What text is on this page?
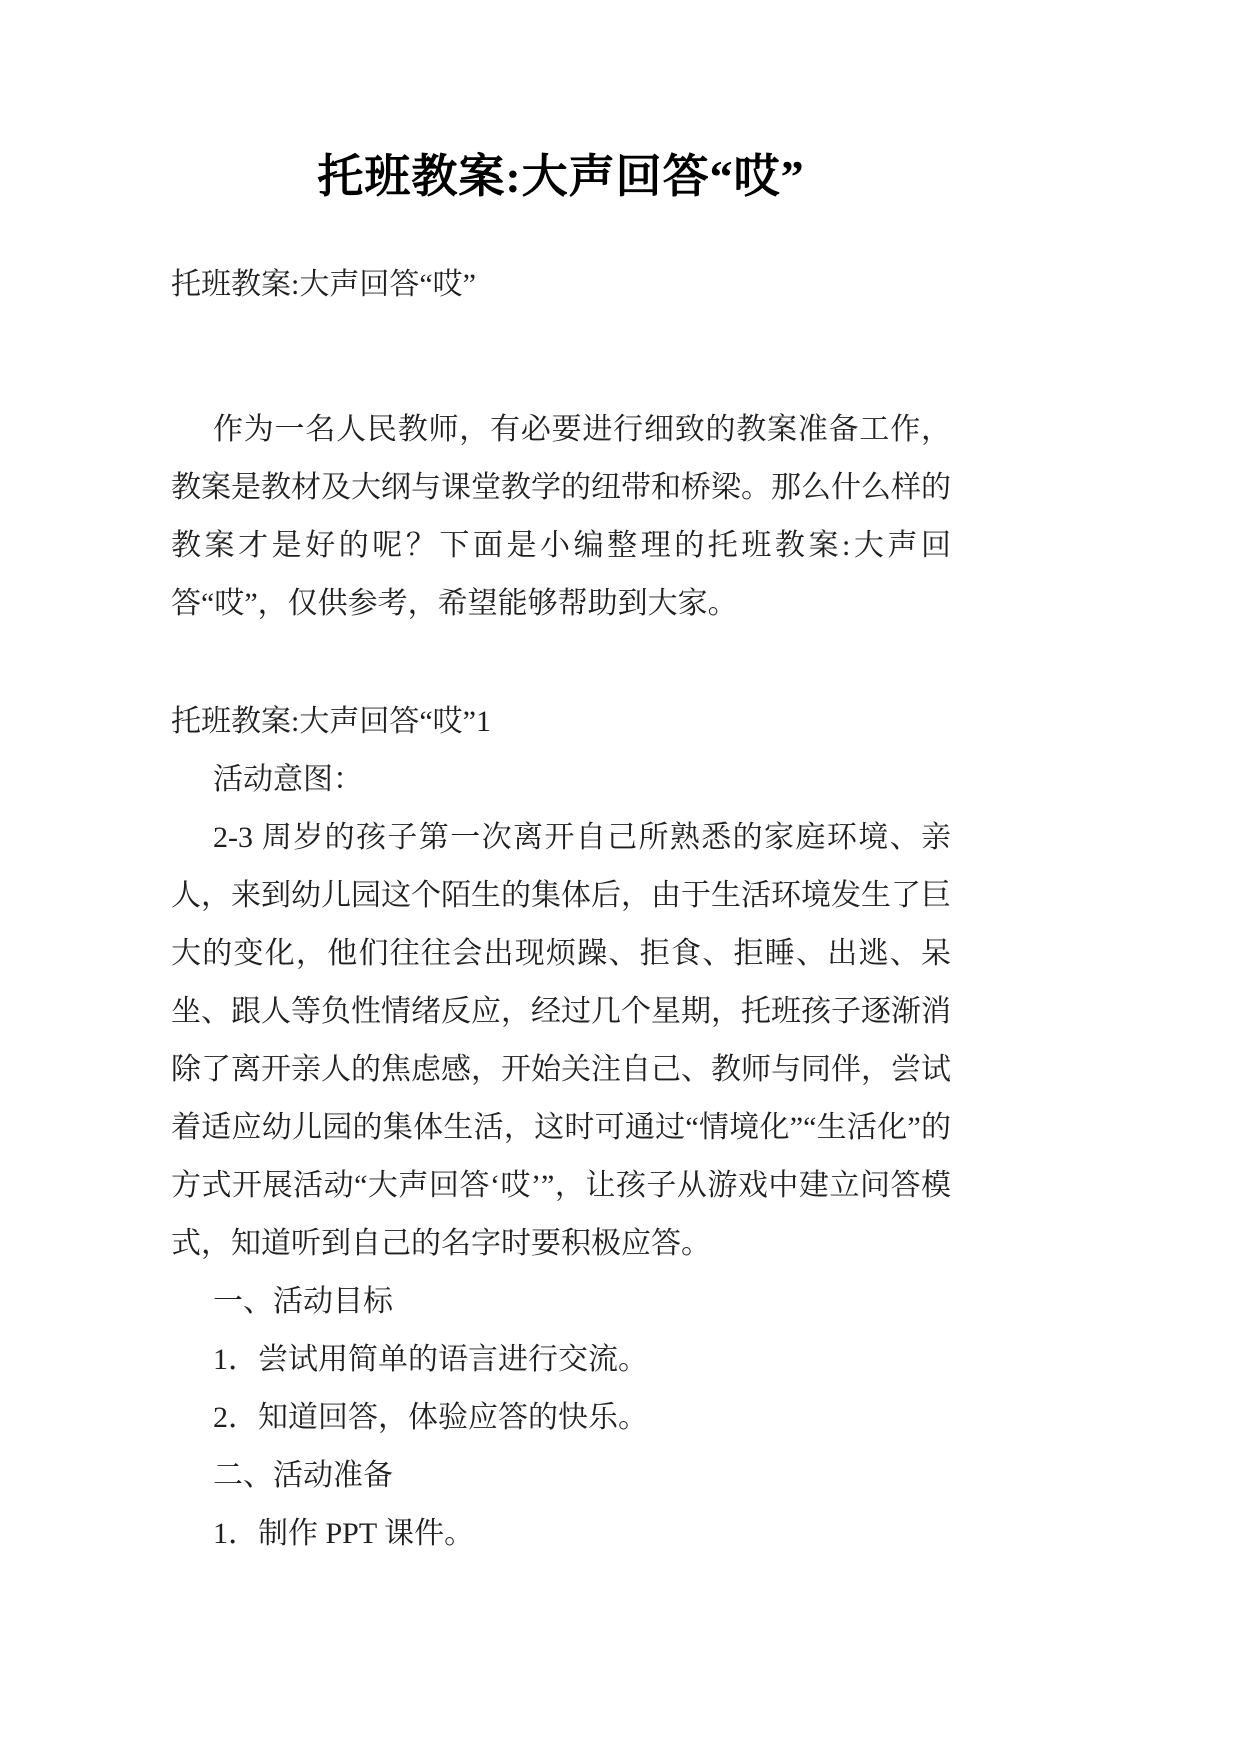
托班教案:大声回答“哎”

托班教案:大声回答“哎”

作为一名人民教师，有必要进行细致的教案准备工作，教案是教材及大纲与课堂教学的纽带和桥梁。那么什么样的教案才是好的呢？下面是小编整理的托班教案:大声回答“哎”，仅供参考，希望能够帮助到大家。

托班教案:大声回答“哎”1

活动意图：

2-3 周岁的孩子第一次离开自己所熟悉的家庭环境、亲人，来到幼儿园这个陌生的集体后，由于生活环境发生了巨大的变化，他们往往会出现烦躁、拒食、拒睡、出逃、呆坐、跟人等负性情绪反应，经过几个星期，托班孩子逐渐消除了离开亲人的焦虑感，开始关注自己、教师与同伴，尝试着适应幼儿园的集体生活，这时可通过“情境化”“生活化”的方式开展活动“大声回答‘哎’”，让孩子从游戏中建立问答模式，知道听到自己的名字时要积极应答。

一、活动目标

1．尝试用简单的语言进行交流。

2．知道回答，体验应答的快乐。

二、活动准备

1．制作 PPT 课件。
